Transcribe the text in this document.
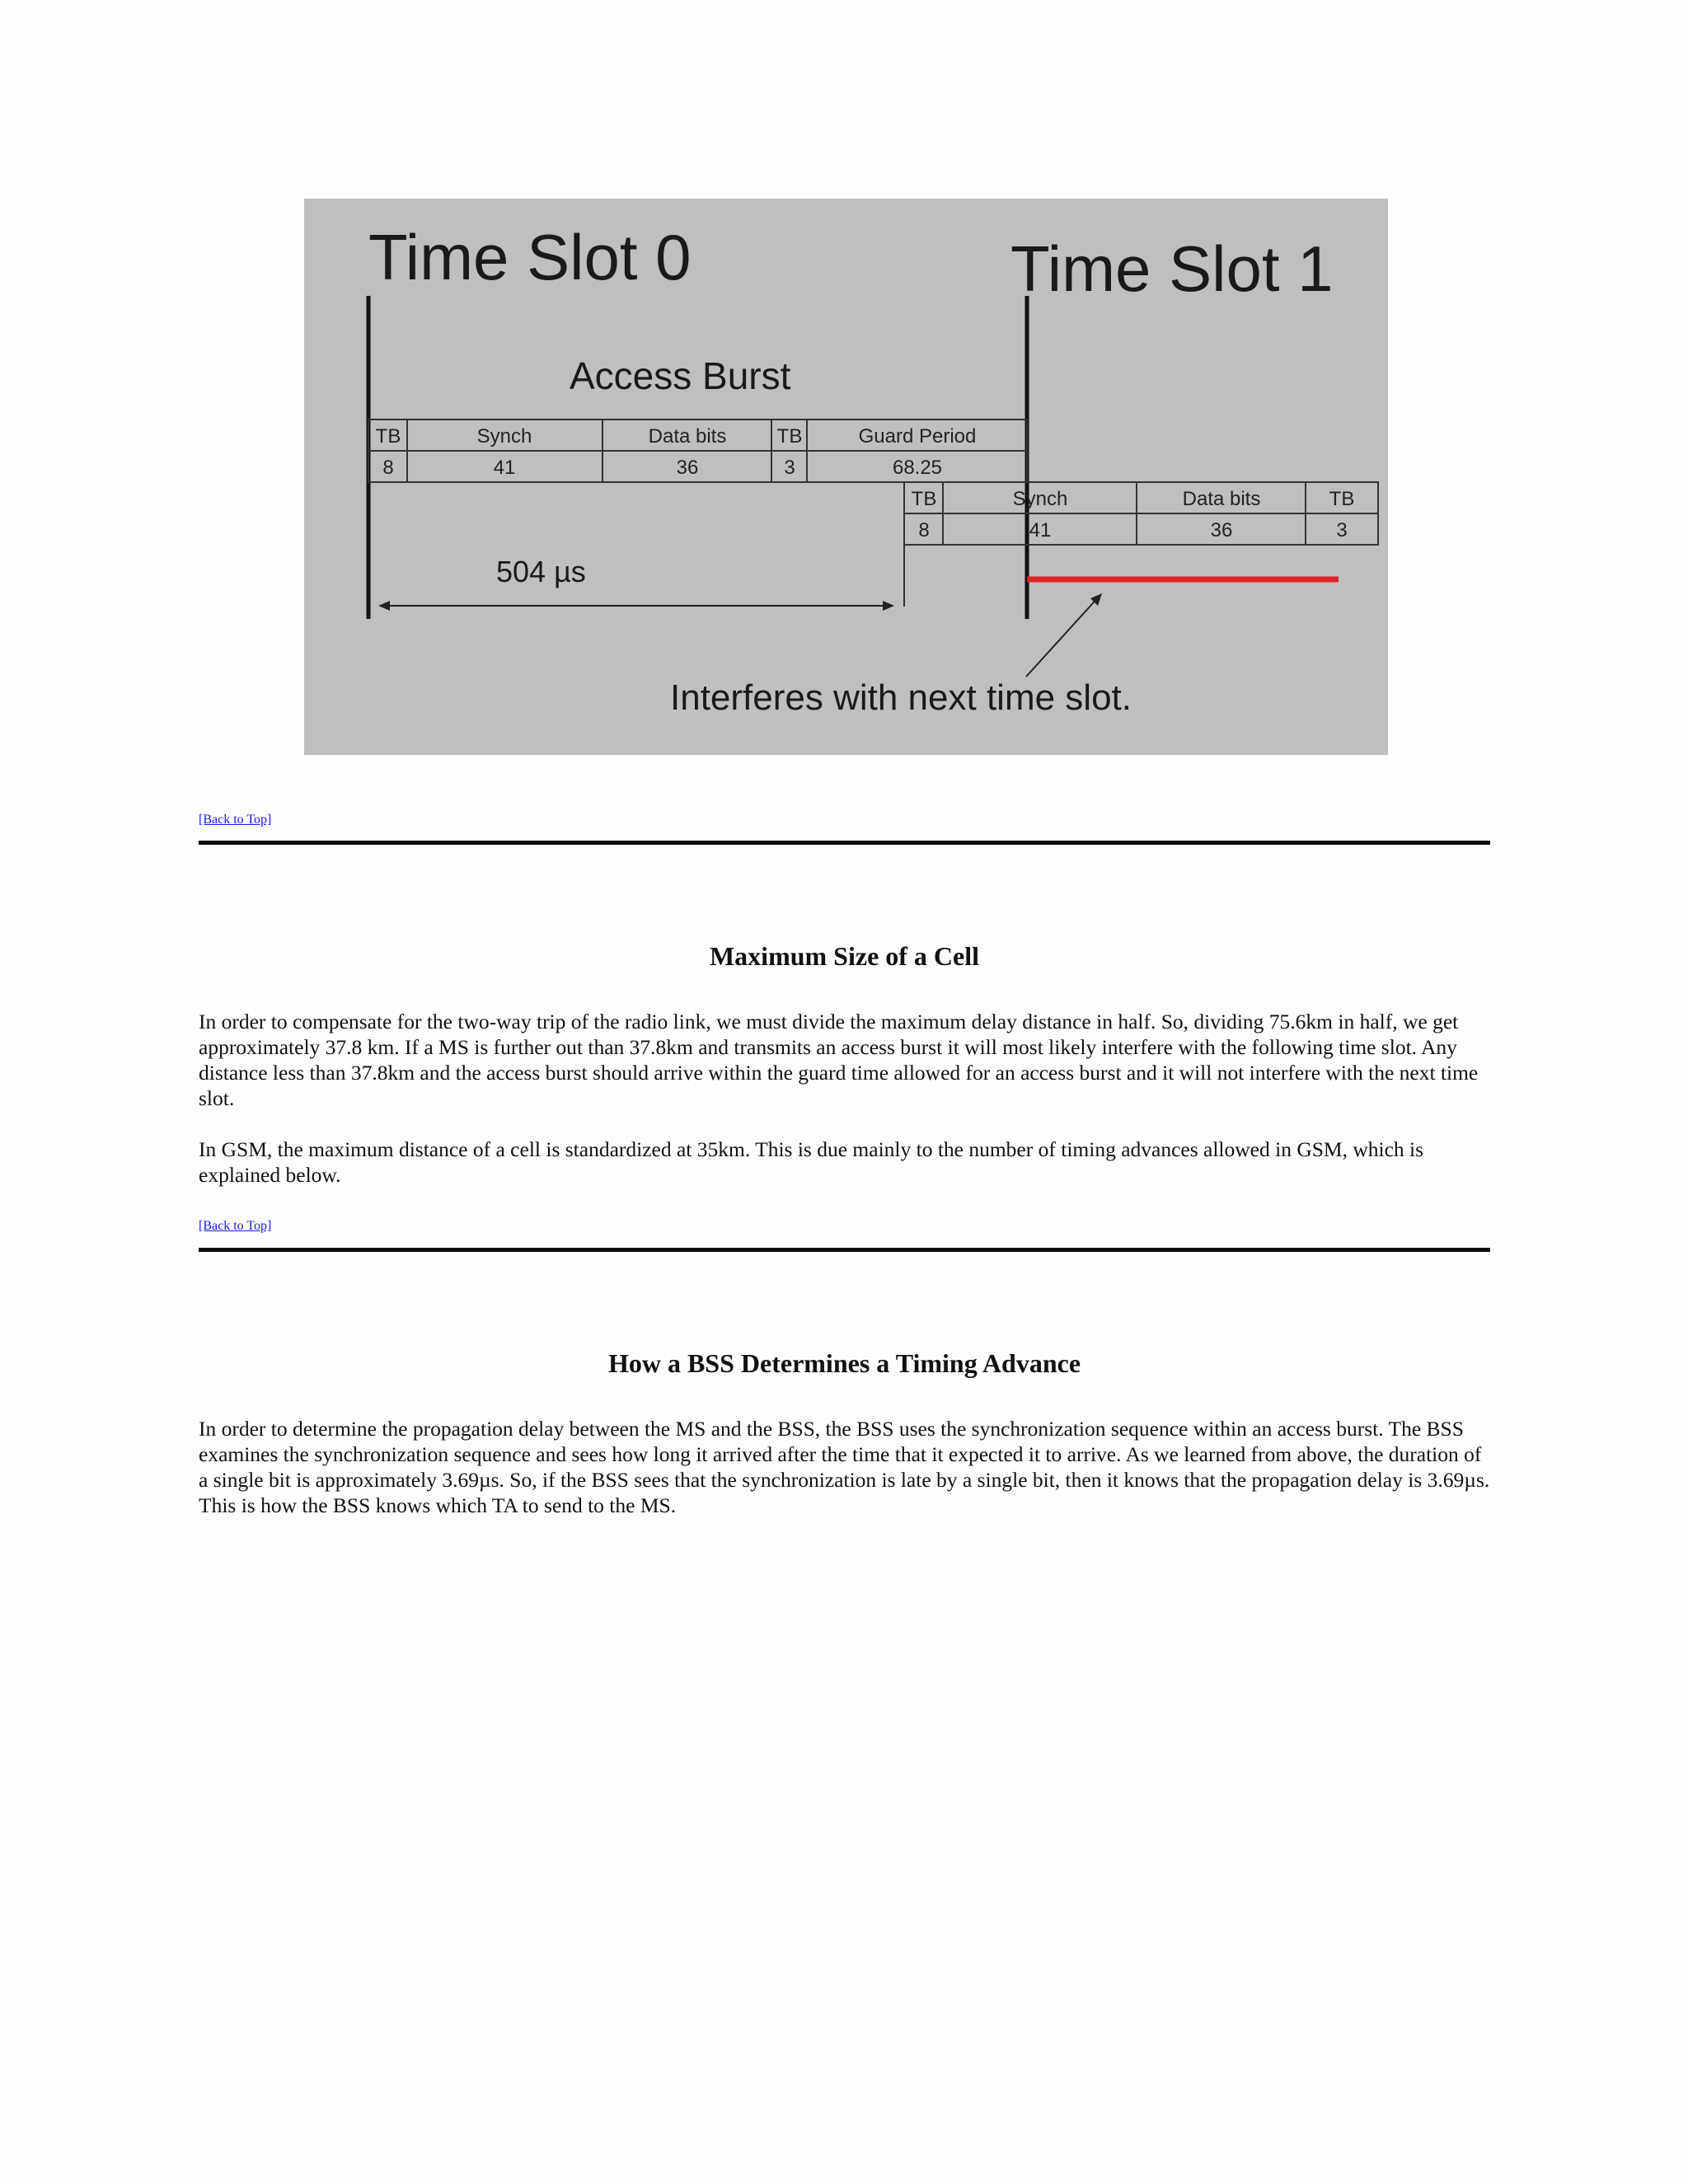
Time Slot 0	Time Slot 1
Access Burst
TB	Synch	Data bits	TB	Guard Period
8	41	36	3	68.25
TB	Synch	Data bits	TB
8	41	36	3
504 µs
Interferes with next time slot.
[Back to Top]
Maximum Size of a Cell

In order to compensate for the two-way trip of the radio link, we must divide the maximum delay distance in half. So, dividing 75.6km in half, we get approximately 37.8 km. If a MS is further out than 37.8km and transmits an access burst it will most likely interfere with the following time slot. Any distance less than 37.8km and the access burst should arrive within the guard time allowed for an access burst and it will not interfere with the next time slot.

In GSM, the maximum distance of a cell is standardized at 35km. This is due mainly to the number of timing advances allowed in GSM, which is explained below.

[Back to Top]
How a BSS Determines a Timing Advance

In order to determine the propagation delay between the MS and the BSS, the BSS uses the synchronization sequence within an access burst. The BSS examines the synchronization sequence and sees how long it arrived after the time that it expected it to arrive. As we learned from above, the duration of a single bit is approximately 3.69µs. So, if the BSS sees that the synchronization is late by a single bit, then it knows that the propagation delay is 3.69µs. This is how the BSS knows which TA to send to the MS.
